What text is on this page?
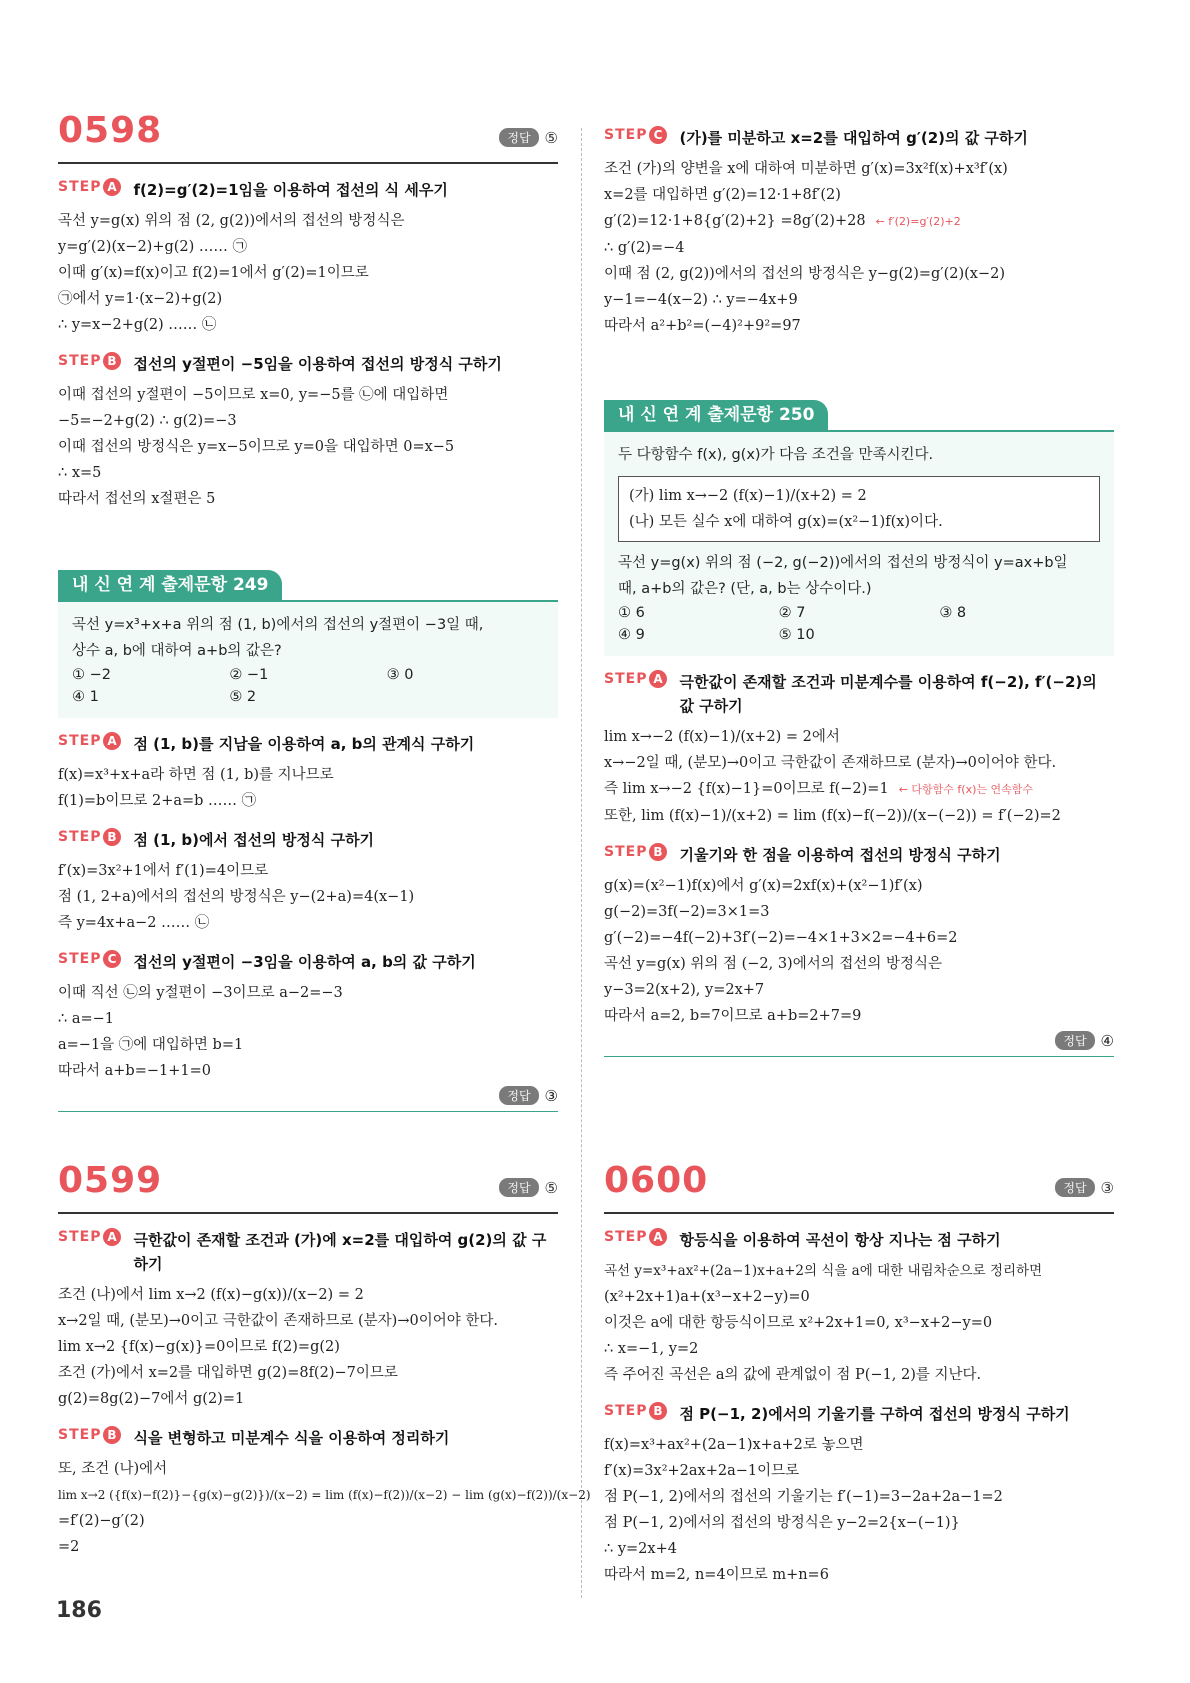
0598	정답 ⑤
STEP A f(2)=g′(2)=1임을 이용하여 접선의 식 세우기
곡선 y=g(x) 위의 점 (2, g(2))에서의 접선의 방정식은
y=g′(2)(x−2)+g(2) …… ㉠
이때 g′(x)=f(x)이고 f(2)=1에서 g′(2)=1이므로
㉠에서 y=1·(x−2)+g(2)
∴ y=x−2+g(2) …… ㉡
STEP B 접선의 y절편이 −5임을 이용하여 접선의 방정식 구하기
이때 접선의 y절편이 −5이므로 x=0, y=−5를 ㉡에 대입하면
−5=−2+g(2) ∴ g(2)=−3
이때 접선의 방정식은 y=x−5이므로 y=0을 대입하면 0=x−5
∴ x=5
따라서 접선의 x절편은 5
내 신 연 계 출제문항 249
곡선 y=x³+x+a 위의 점 (1, b)에서의 접선의 y절편이 −3일 때,
상수 a, b에 대하여 a+b의 값은?
① −2	② −1	③ 0
④ 1	⑤ 2
STEP A 점 (1, b)를 지남을 이용하여 a, b의 관계식 구하기
f(x)=x³+x+a라 하면 점 (1, b)를 지나므로
f(1)=b이므로 2+a=b …… ㉠
STEP B 점 (1, b)에서 접선의 방정식 구하기
f′(x)=3x²+1에서 f′(1)=4이므로
점 (1, 2+a)에서의 접선의 방정식은 y−(2+a)=4(x−1)
즉 y=4x+a−2 …… ㉡
STEP C 접선의 y절편이 −3임을 이용하여 a, b의 값 구하기
이때 직선 ㉡의 y절편이 −3이므로 a−2=−3
∴ a=−1
a=−1을 ㉠에 대입하면 b=1
따라서 a+b=−1+1=0
정답 ③
0599	정답 ⑤
STEP A 극한값이 존재할 조건과 (가)에 x=2를 대입하여 g(2)의 값 구하기
조건 (나)에서 lim x→2 (f(x)−g(x))/(x−2) = 2
x→2일 때, (분모)→0이고 극한값이 존재하므로 (분자)→0이어야 한다.
lim x→2 {f(x)−g(x)}=0이므로 f(2)=g(2)
조건 (가)에서 x=2를 대입하면 g(2)=8f(2)−7이므로
g(2)=8g(2)−7에서 g(2)=1
STEP B 식을 변형하고 미분계수 식을 이용하여 정리하기
또, 조건 (나)에서
lim x→2 ({f(x)−f(2)}−{g(x)−g(2)})/(x−2) = lim (f(x)−f(2))/(x−2) − lim (g(x)−f(2))/(x−2)
=f′(2)−g′(2)
=2
STEP C (가)를 미분하고 x=2를 대입하여 g′(2)의 값 구하기
조건 (가)의 양변을 x에 대하여 미분하면 g′(x)=3x²f(x)+x³f′(x)
x=2를 대입하면 g′(2)=12·1+8f′(2)
g′(2)=12·1+8{g′(2)+2} =8g′(2)+28 ← f′(2)=g′(2)+2
∴ g′(2)=−4
이때 점 (2, g(2))에서의 접선의 방정식은 y−g(2)=g′(2)(x−2)
y−1=−4(x−2) ∴ y=−4x+9
따라서 a²+b²=(−4)²+9²=97
내 신 연 계 출제문항 250
두 다항함수 f(x), g(x)가 다음 조건을 만족시킨다.
(가) lim x→−2 (f(x)−1)/(x+2) = 2
(나) 모든 실수 x에 대하여 g(x)=(x²−1)f(x)이다.
곡선 y=g(x) 위의 점 (−2, g(−2))에서의 접선의 방정식이 y=ax+b일
때, a+b의 값은? (단, a, b는 상수이다.)
① 6	② 7	③ 8
④ 9	⑤ 10
STEP A 극한값이 존재할 조건과 미분계수를 이용하여 f(−2), f′(−2)의 값 구하기
lim x→−2 (f(x)−1)/(x+2) = 2에서
x→−2일 때, (분모)→0이고 극한값이 존재하므로 (분자)→0이어야 한다.
즉 lim x→−2 {f(x)−1}=0이므로 f(−2)=1 ← 다항함수 f(x)는 연속함수
또한, lim (f(x)−1)/(x+2) = lim (f(x)−f(−2))/(x−(−2)) = f′(−2)=2
STEP B 기울기와 한 점을 이용하여 접선의 방정식 구하기
g(x)=(x²−1)f(x)에서 g′(x)=2xf(x)+(x²−1)f′(x)
g(−2)=3f(−2)=3×1=3
g′(−2)=−4f(−2)+3f′(−2)=−4×1+3×2=−4+6=2
곡선 y=g(x) 위의 점 (−2, 3)에서의 접선의 방정식은
y−3=2(x+2), y=2x+7
따라서 a=2, b=7이므로 a+b=2+7=9
정답 ④
0600	정답 ③
STEP A 항등식을 이용하여 곡선이 항상 지나는 점 구하기
곡선 y=x³+ax²+(2a−1)x+a+2의 식을 a에 대한 내림차순으로 정리하면
(x²+2x+1)a+(x³−x+2−y)=0
이것은 a에 대한 항등식이므로 x²+2x+1=0, x³−x+2−y=0
∴ x=−1, y=2
즉 주어진 곡선은 a의 값에 관계없이 점 P(−1, 2)를 지난다.
STEP B 점 P(−1, 2)에서의 기울기를 구하여 접선의 방정식 구하기
f(x)=x³+ax²+(2a−1)x+a+2로 놓으면
f′(x)=3x²+2ax+2a−1이므로
점 P(−1, 2)에서의 접선의 기울기는 f′(−1)=3−2a+2a−1=2
점 P(−1, 2)에서의 접선의 방정식은 y−2=2{x−(−1)}
∴ y=2x+4
따라서 m=2, n=4이므로 m+n=6
186
